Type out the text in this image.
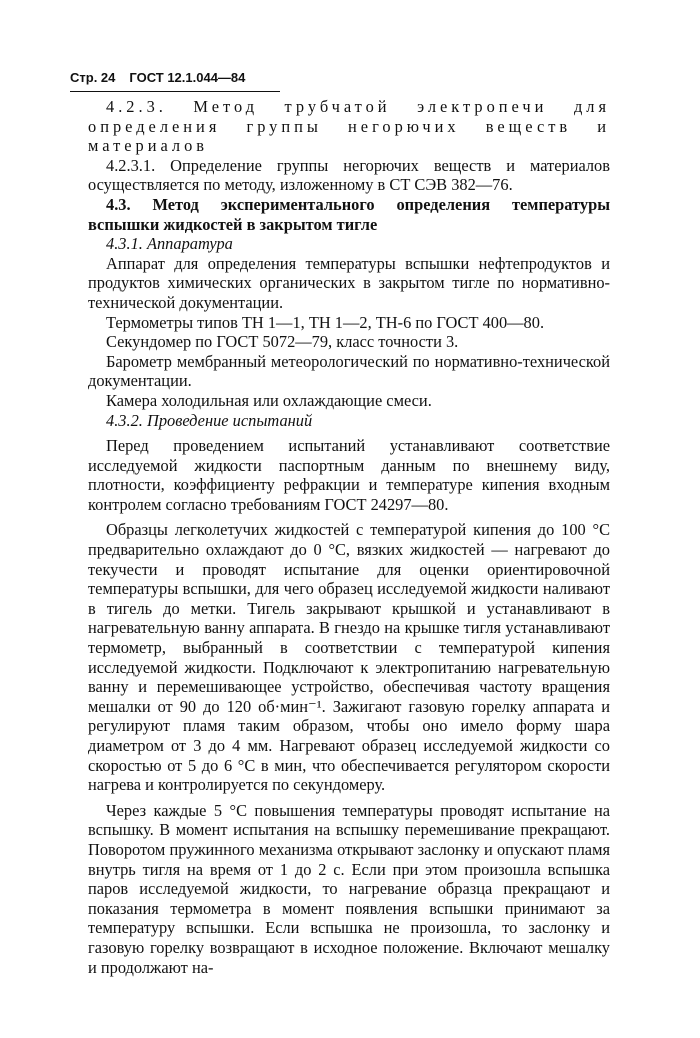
Стр. 24 ГОСТ 12.1.044—84

4.2.3. Метод трубчатой электропечи для определения группы негорючих веществ и материалов

4.2.3.1. Определение группы негорючих веществ и материалов осуществляется по методу, изложенному в СТ СЭВ 382—76.

4.3. Метод экспериментального определения температуры вспышки жидкостей в закрытом тигле

4.3.1. Аппаратура

Аппарат для определения температуры вспышки нефтепродуктов и продуктов химических органических в закрытом тигле по нормативно-технической документации.

Термометры типов ТН 1—1, ТН 1—2, ТН-6 по ГОСТ 400—80.

Секундомер по ГОСТ 5072—79, класс точности 3.

Барометр мембранный метеорологический по нормативно-технической документации.

Камера холодильная или охлаждающие смеси.

4.3.2. Проведение испытаний

Перед проведением испытаний устанавливают соответствие исследуемой жидкости паспортным данным по внешнему виду, плотности, коэффициенту рефракции и температуре кипения входным контролем согласно требованиям ГОСТ 24297—80.

Образцы легколетучих жидкостей с температурой кипения до 100 °С предварительно охлаждают до 0 °С, вязких жидкостей — нагревают до текучести и проводят испытание для оценки ориентировочной температуры вспышки, для чего образец исследуемой жидкости наливают в тигель до метки. Тигель закрывают крышкой и устанавливают в нагревательную ванну аппарата. В гнездо на крышке тигля устанавливают термометр, выбранный в соответствии с температурой кипения исследуемой жидкости. Подключают к электропитанию нагревательную ванну и перемешивающее устройство, обеспечивая частоту вращения мешалки от 90 до 120 об·мин⁻¹. Зажигают газовую горелку аппарата и регулируют пламя таким образом, чтобы оно имело форму шара диаметром от 3 до 4 мм. Нагревают образец исследуемой жидкости со скоростью от 5 до 6 °С в мин, что обеспечивается регулятором скорости нагрева и контролируется по секундомеру.

Через каждые 5 °С повышения температуры проводят испытание на вспышку. В момент испытания на вспышку перемешивание прекращают. Поворотом пружинного механизма открывают заслонку и опускают пламя внутрь тигля на время от 1 до 2 с. Если при этом произошла вспышка паров исследуемой жидкости, то нагревание образца прекращают и показания термометра в момент появления вспышки принимают за температуру вспышки. Если вспышка не произошла, то заслонку и газовую горелку возвращают в исходное положение. Включают мешалку и продолжают на-
